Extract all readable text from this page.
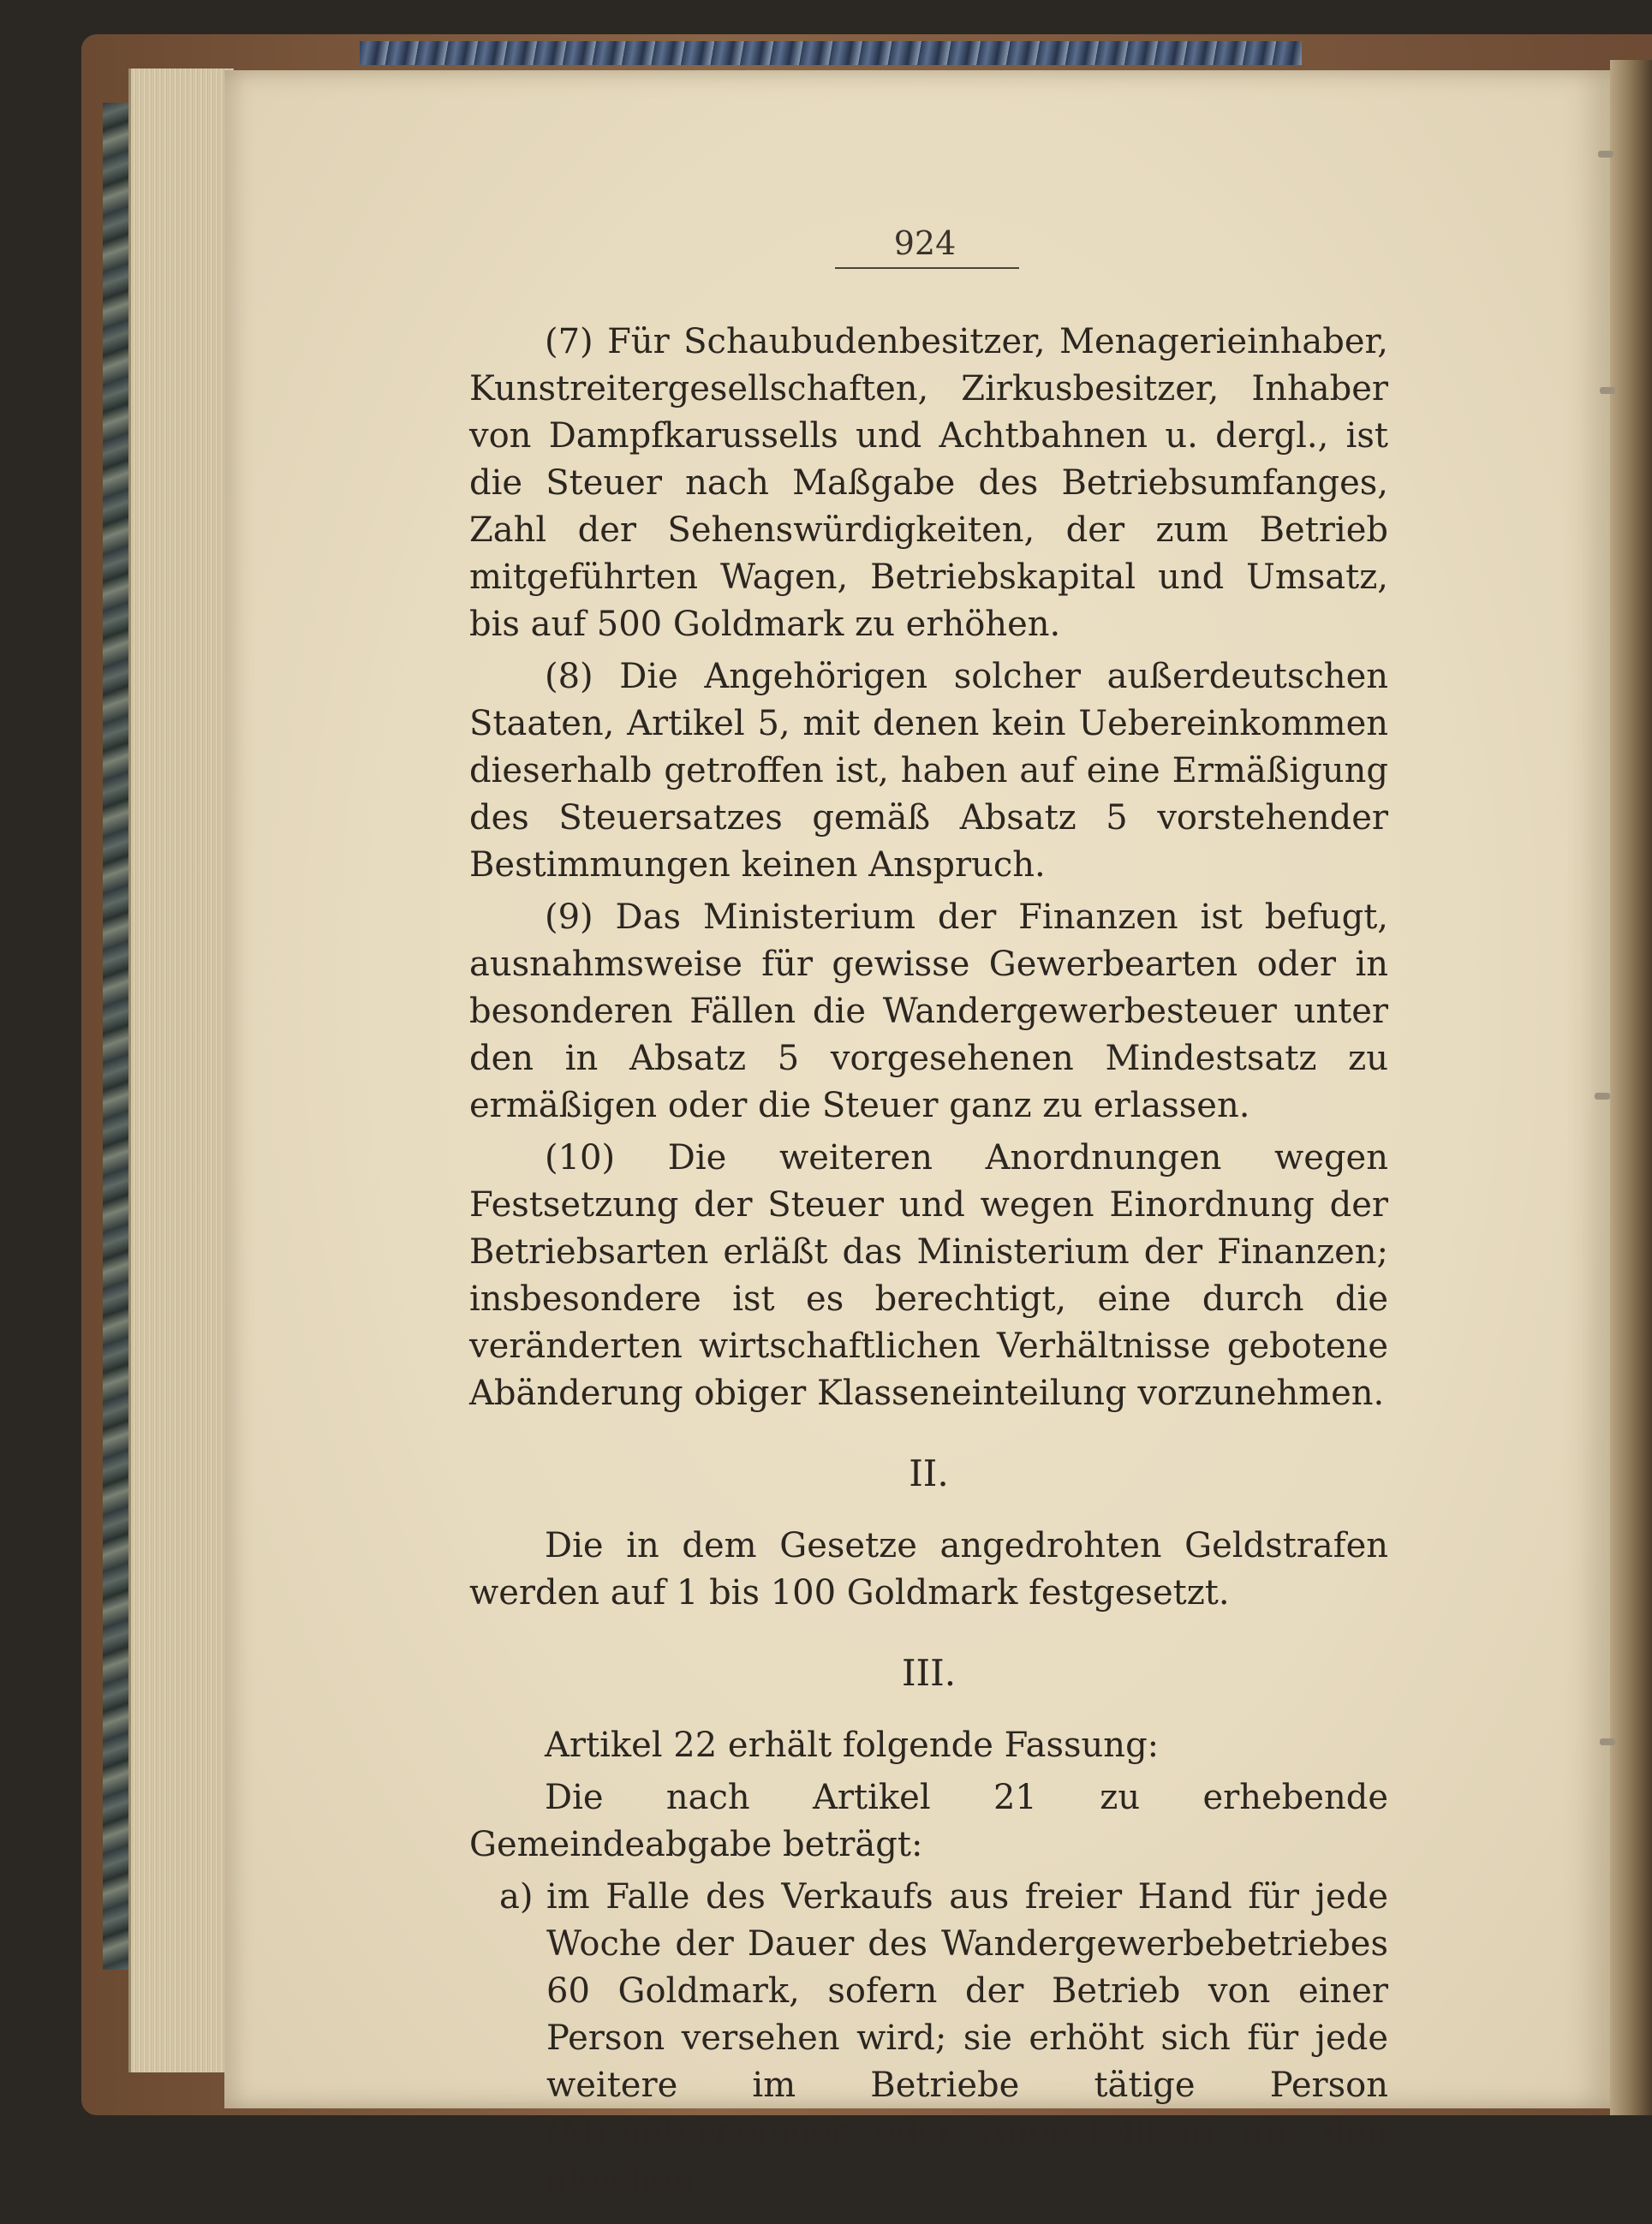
924

(7) Für Schaubudenbesitzer, Menagerieinhaber, Kunstreitergesellschaften, Zirkusbesitzer, Inhaber von Dampfkarussells und Achtbahnen u. dergl., ist die Steuer nach Maßgabe des Betriebsumfanges, Zahl der Sehenswürdigkeiten, der zum Betrieb mitgeführten Wagen, Betriebskapital und Umsatz, bis auf 500 Goldmark zu erhöhen.

(8) Die Angehörigen solcher außerdeutschen Staaten, Artikel 5, mit denen kein Uebereinkommen dieserhalb getroffen ist, haben auf eine Ermäßigung des Steuersatzes gemäß Absatz 5 vorstehender Bestimmungen keinen Anspruch.

(9) Das Ministerium der Finanzen ist befugt, ausnahmsweise für gewisse Gewerbearten oder in besonderen Fällen die Wandergewerbesteuer unter den in Absatz 5 vorgesehenen Mindestsatz zu ermäßigen oder die Steuer ganz zu erlassen.

(10) Die weiteren Anordnungen wegen Festsetzung der Steuer und wegen Einordnung der Betriebsarten erläßt das Ministerium der Finanzen; insbesondere ist es berechtigt, eine durch die veränderten wirtschaftlichen Verhältnisse gebotene Abänderung obiger Klasseneinteilung vorzunehmen.

II.

Die in dem Gesetze angedrohten Geldstrafen werden auf 1 bis 100 Goldmark festgesetzt.

III.

Artikel 22 erhält folgende Fassung:

Die nach Artikel 21 zu erhebende Gemeindeabgabe beträgt:

a) im Falle des Verkaufs aus freier Hand für jede Woche der Dauer des Wandergewerbebetriebes 60 Goldmark, sofern der Betrieb von einer Person versehen wird; sie erhöht sich für jede weitere im Betriebe tätige Person (Mitunternehmer oder Angestellten) um den gleichen
